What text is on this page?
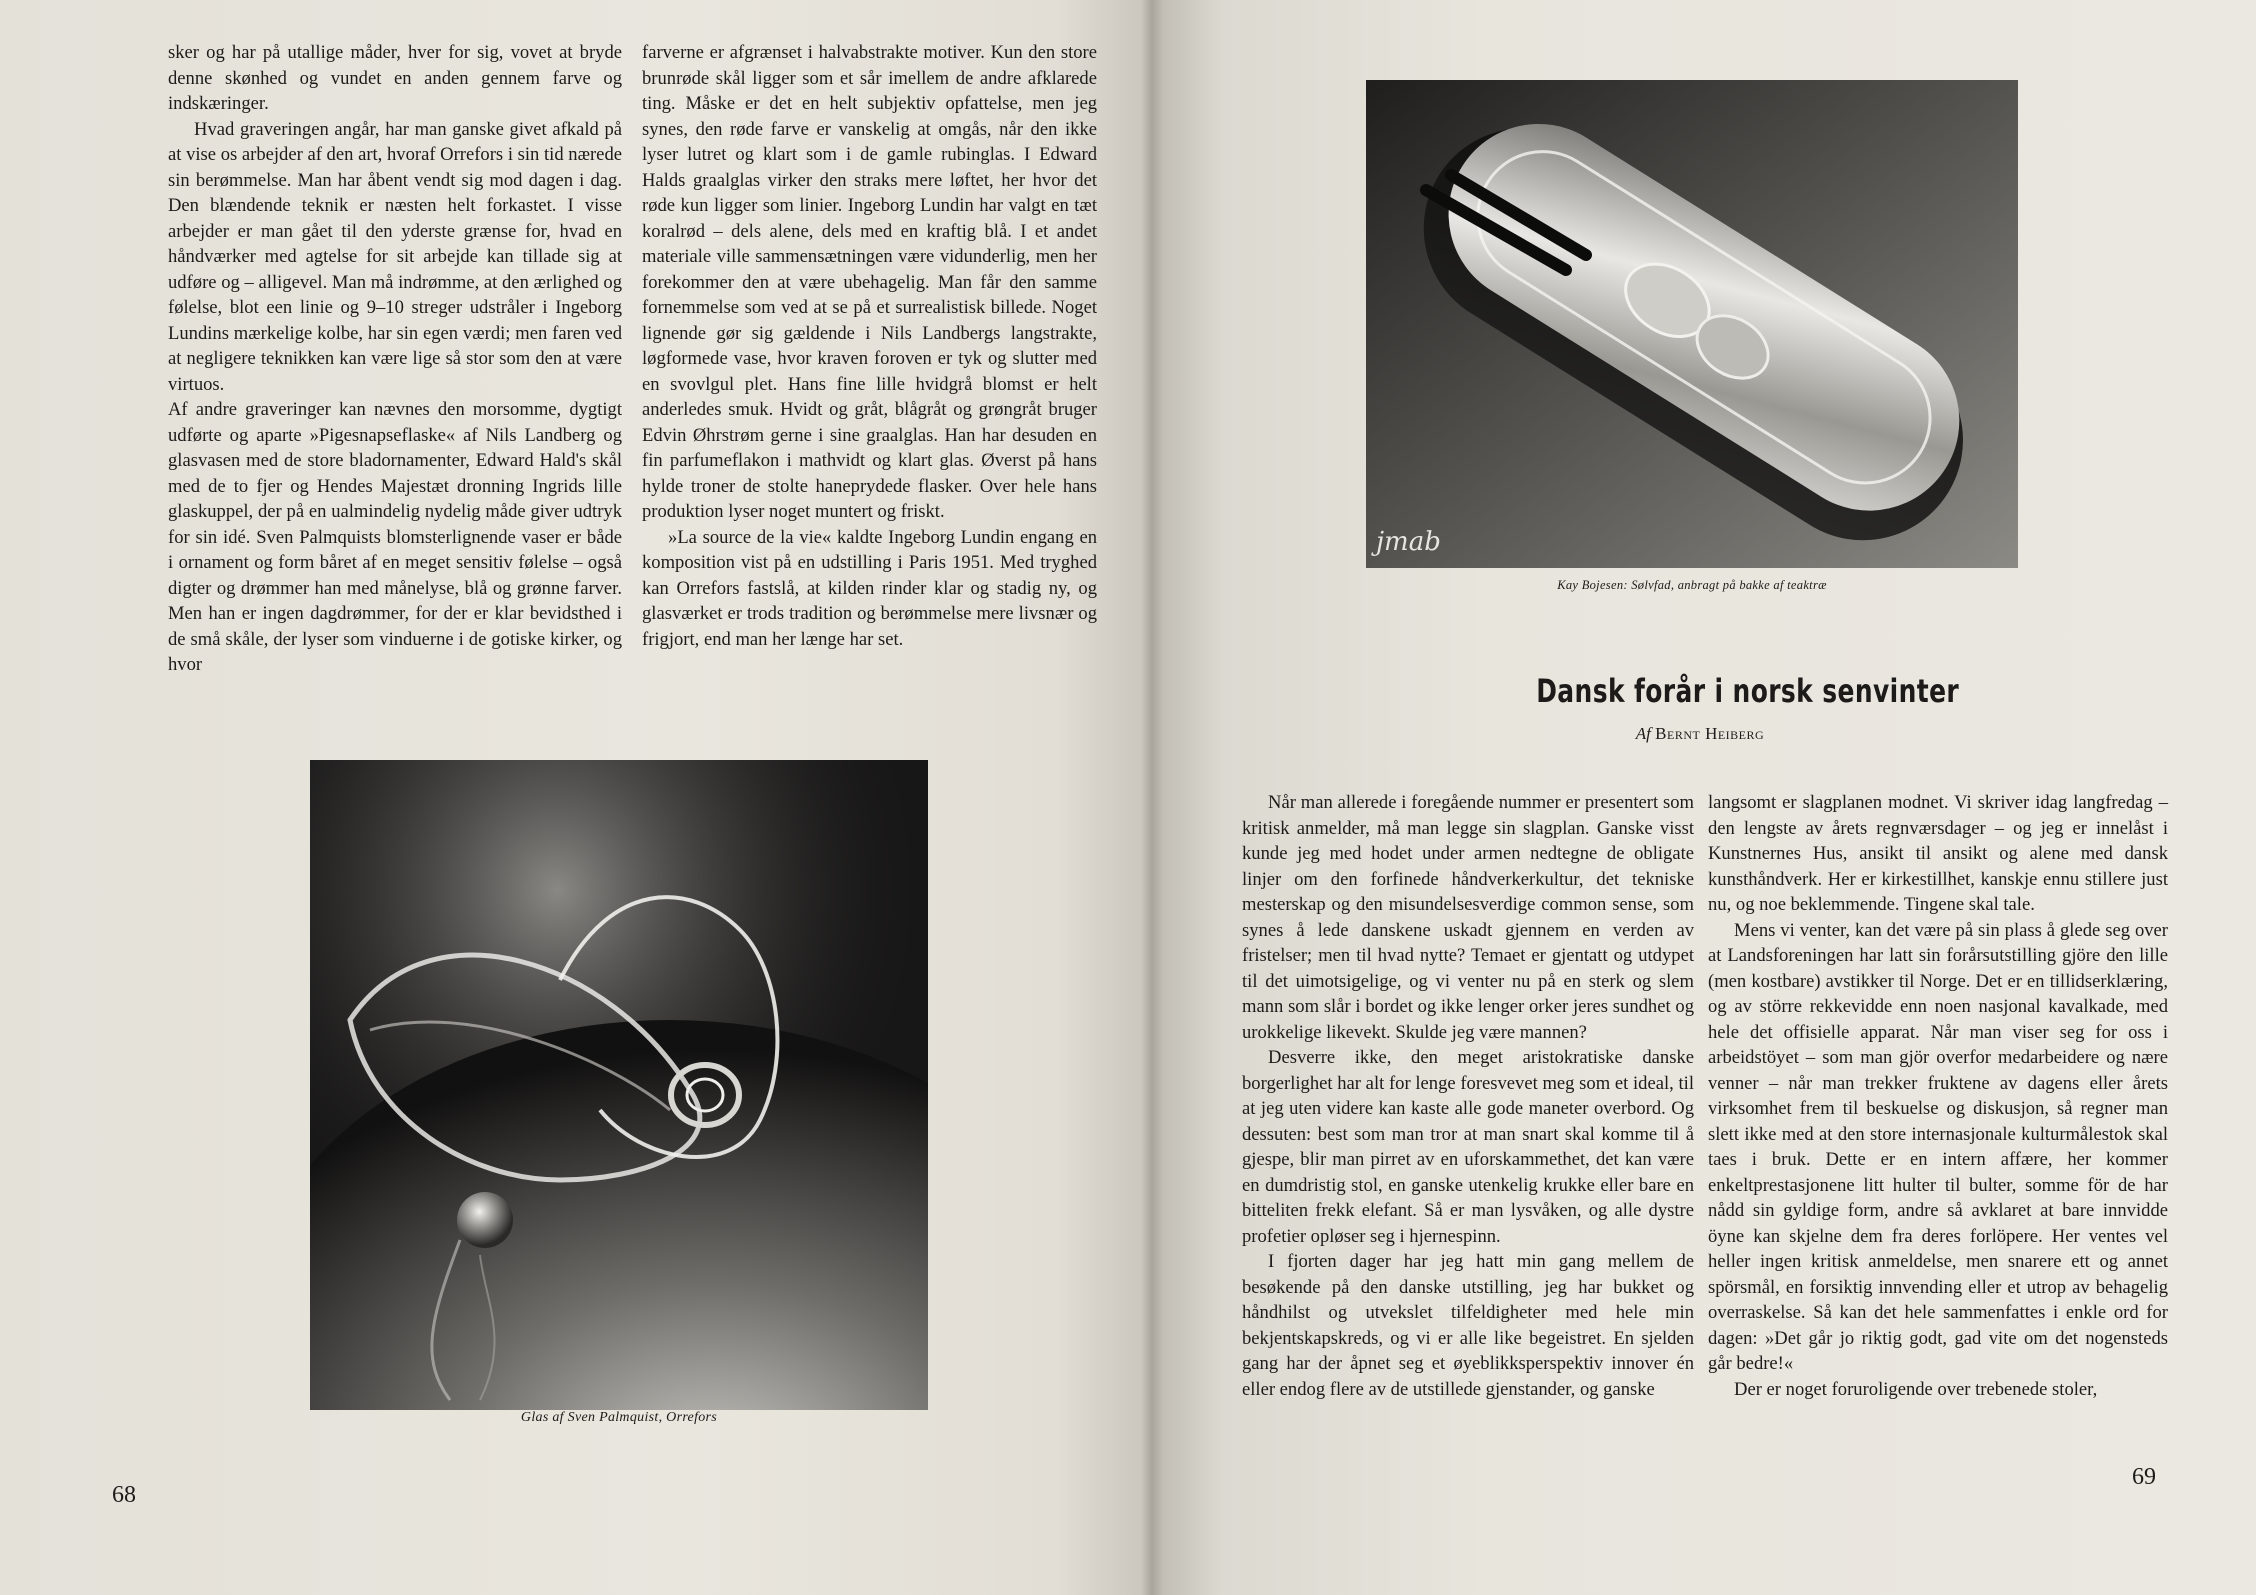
sker og har på utallige måder, hver for sig, vovet at bryde denne skønhed og vundet en anden gennem farve og indskæringer.

Hvad graveringen angår, har man ganske givet afkald på at vise os arbejder af den art, hvoraf Orrefors i sin tid nærede sin berømmelse. Man har åbent vendt sig mod dagen i dag. Den blændende teknik er næsten helt forkastet. I visse arbejder er man gået til den yderste grænse for, hvad en håndværker med agtelse for sit arbejde kan tillade sig at udføre og – alligevel. Man må indrømme, at den ærlighed og følelse, blot een linie og 9–10 streger udstråler i Ingeborg Lundins mærkelige kolbe, har sin egen værdi; men faren ved at negligere teknikken kan være lige så stor som den at være virtuos.

Af andre graveringer kan nævnes den morsomme, dygtigt udførte og aparte »Pigesnapseflaske« af Nils Landberg og glasvasen med de store bladornamenter, Edward Hald's skål med de to fjer og Hendes Majestæt dronning Ingrids lille glaskuppel, der på en ualmindelig nydelig måde giver udtryk for sin idé. Sven Palmquists blomsterlignende vaser er både i ornament og form båret af en meget sensitiv følelse – også digter og drømmer han med månelyse, blå og grønne farver. Men han er ingen dagdrømmer, for der er klar bevidsthed i de små skåle, der lyser som vinduerne i de gotiske kirker, og hvor

farverne er afgrænset i halvabstrakte motiver. Kun den store brunrøde skål ligger som et sår imellem de andre afklarede ting. Måske er det en helt subjektiv opfattelse, men jeg synes, den røde farve er vanskelig at omgås, når den ikke lyser lutret og klart som i de gamle rubinglas. I Edward Halds graalglas virker den straks mere løftet, her hvor det røde kun ligger som linier. Ingeborg Lundin har valgt en tæt koralrød – dels alene, dels med en kraftig blå. I et andet materiale ville sammensætningen være vidunderlig, men her forekommer den at være ubehagelig. Man får den samme fornemmelse som ved at se på et surrealistisk billede. Noget lignende gør sig gældende i Nils Landbergs langstrakte, løgformede vase, hvor kraven foroven er tyk og slutter med en svovlgul plet. Hans fine lille hvidgrå blomst er helt anderledes smuk. Hvidt og gråt, blågråt og grøngråt bruger Edvin Øhrstrøm gerne i sine graalglas. Han har desuden en fin parfumeflakon i mathvidt og klart glas. Øverst på hans hylde troner de stolte haneprydede flasker. Over hele hans produktion lyser noget muntert og friskt.

»La source de la vie« kaldte Ingeborg Lundin engang en komposition vist på en udstilling i Paris 1951. Med tryghed kan Orrefors fastslå, at kilden rinder klar og stadig ny, og glasværket er trods tradition og berømmelse mere livsnær og frigjort, end man her længe har set.

Glas af Sven Palmquist, Orrefors
68
jmab
Kay Bojesen: Sølvfad, anbragt på bakke af teaktræ
Dansk forår i norsk senvinter
Af Bernt Heiberg

Når man allerede i foregående nummer er presentert som kritisk anmelder, må man legge sin slagplan. Ganske visst kunde jeg med hodet under armen nedtegne de obligate linjer om den forfinede håndverkerkultur, det tekniske mesterskap og den misundelsesverdige common sense, som synes å lede danskene uskadt gjennem en verden av fristelser; men til hvad nytte? Temaet er gjentatt og utdypet til det uimotsigelige, og vi venter nu på en sterk og slem mann som slår i bordet og ikke lenger orker jeres sundhet og urokkelige likevekt. Skulde jeg være mannen?

Desverre ikke, den meget aristokratiske danske borgerlighet har alt for lenge foresvevet meg som et ideal, til at jeg uten videre kan kaste alle gode maneter overbord. Og dessuten: best som man tror at man snart skal komme til å gjespe, blir man pirret av en uforskammethet, det kan være en dumdristig stol, en ganske utenkelig krukke eller bare en bitteliten frekk elefant. Så er man lysvåken, og alle dystre profetier opløser seg i hjernespinn.

I fjorten dager har jeg hatt min gang mellem de besøkende på den danske utstilling, jeg har bukket og håndhilst og utvekslet tilfeldigheter med hele min bekjentskapskreds, og vi er alle like begeistret. En sjelden gang har der åpnet seg et øyeblikksperspektiv innover én eller endog flere av de utstillede gjenstander, og ganske

langsomt er slagplanen modnet. Vi skriver idag langfredag – den lengste av årets regnværsdager – og jeg er innelåst i Kunstnernes Hus, ansikt til ansikt og alene med dansk kunsthåndverk. Her er kirkestillhet, kanskje ennu stillere just nu, og noe beklemmende. Tingene skal tale.

Mens vi venter, kan det være på sin plass å glede seg over at Landsforeningen har latt sin forårsutstilling gjöre den lille (men kostbare) avstikker til Norge. Det er en tillidserklæring, og av större rekkevidde enn noen nasjonal kavalkade, med hele det offisielle apparat. Når man viser seg for oss i arbeidstöyet – som man gjör overfor medarbeidere og nære venner – når man trekker fruktene av dagens eller årets virksomhet frem til beskuelse og diskusjon, så regner man slett ikke med at den store internasjonale kulturmålestok skal taes i bruk. Dette er en intern affære, her kommer enkeltprestasjonene litt hulter til bulter, somme för de har nådd sin gyldige form, andre så avklaret at bare innvidde öyne kan skjelne dem fra deres forlöpere. Her ventes vel heller ingen kritisk anmeldelse, men snarere ett og annet spörsmål, en forsiktig innvending eller et utrop av behagelig overraskelse. Så kan det hele sammenfattes i enkle ord for dagen: »Det går jo riktig godt, gad vite om det nogensteds går bedre!«

Der er noget foruroligende over trebenede stoler,

69
